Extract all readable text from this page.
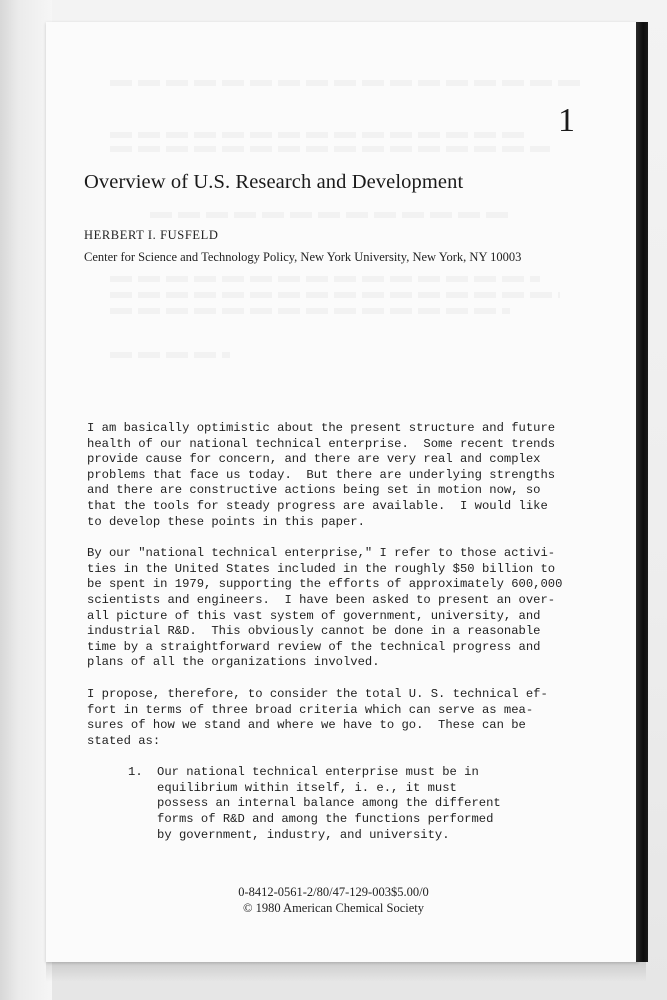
1
Overview of U.S. Research and Development

HERBERT I. FUSFELD

Center for Science and Technology Policy, New York University, New York, NY 10003

I am basically optimistic about the present structure and future
health of our national technical enterprise.  Some recent trends
provide cause for concern, and there are very real and complex
problems that face us today.  But there are underlying strengths
and there are constructive actions being set in motion now, so
that the tools for steady progress are available.  I would like
to develop these points in this paper.

By our "national technical enterprise," I refer to those activi-
ties in the United States included in the roughly $50 billion to
be spent in 1979, supporting the efforts of approximately 600,000
scientists and engineers.  I have been asked to present an over-
all picture of this vast system of government, university, and
industrial R&D.  This obviously cannot be done in a reasonable
time by a straightforward review of the technical progress and
plans of all the organizations involved.

I propose, therefore, to consider the total U. S. technical ef-
fort in terms of three broad criteria which can serve as mea-
sures of how we stand and where we have to go.  These can be
stated as:

1.	Our national technical enterprise must be in
equilibrium within itself, i. e., it must
possess an internal balance among the different
forms of R&D and among the functions performed
by government, industry, and university.
0-8412-0561-2/80/47-129-003$5.00/0
© 1980 American Chemical Society
